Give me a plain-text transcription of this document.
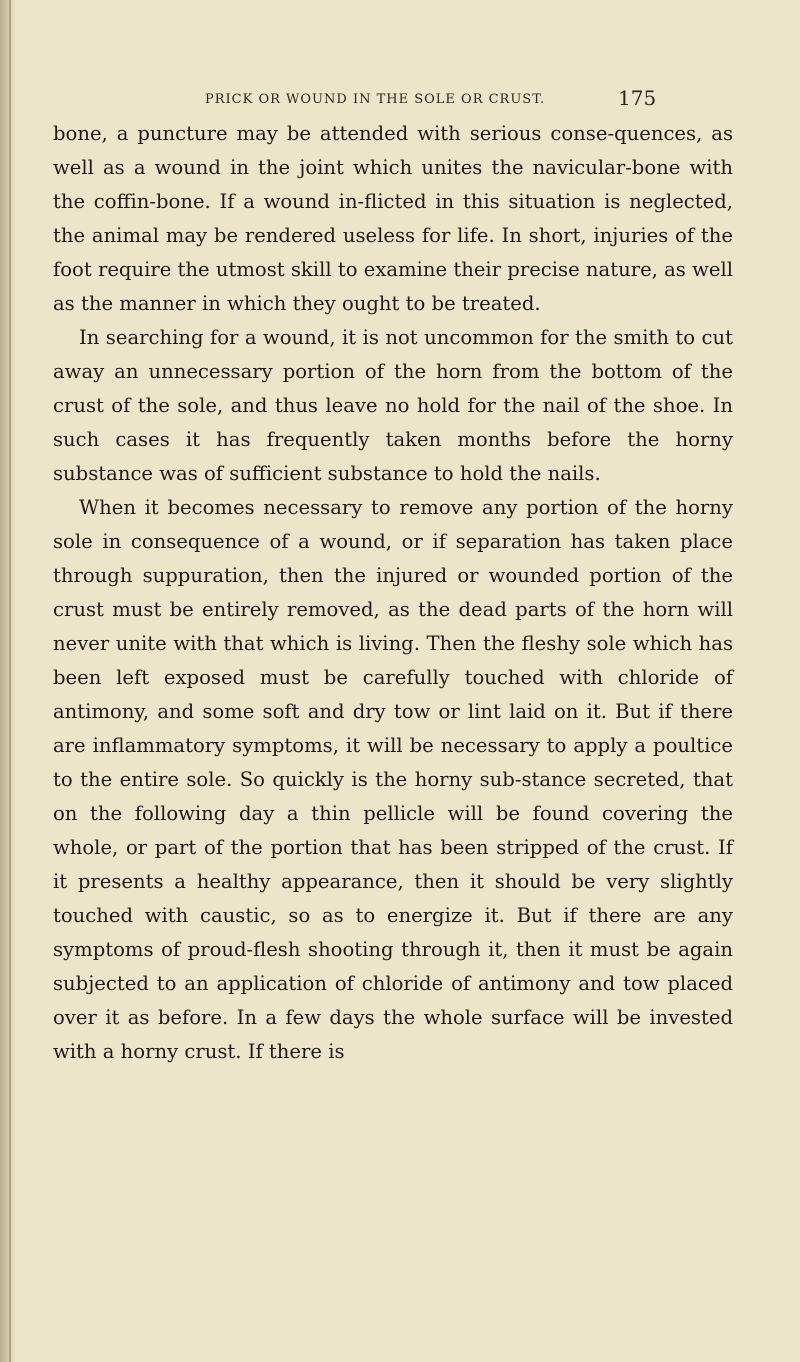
PRICK OR WOUND IN THE SOLE OR CRUST.	175

bone, a puncture may be attended with serious conse-quences, as well as a wound in the joint which unites the navicular-bone with the coffin-bone. If a wound in-flicted in this situation is neglected, the animal may be rendered useless for life. In short, injuries of the foot require the utmost skill to examine their precise nature, as well as the manner in which they ought to be treated.

In searching for a wound, it is not uncommon for the smith to cut away an unnecessary portion of the horn from the bottom of the crust of the sole, and thus leave no hold for the nail of the shoe. In such cases it has frequently taken months before the horny substance was of sufficient substance to hold the nails.

When it becomes necessary to remove any portion of the horny sole in consequence of a wound, or if separation has taken place through suppuration, then the injured or wounded portion of the crust must be entirely removed, as the dead parts of the horn will never unite with that which is living. Then the fleshy sole which has been left exposed must be carefully touched with chloride of antimony, and some soft and dry tow or lint laid on it. But if there are inflammatory symptoms, it will be necessary to apply a poultice to the entire sole. So quickly is the horny sub-stance secreted, that on the following day a thin pellicle will be found covering the whole, or part of the portion that has been stripped of the crust. If it presents a healthy appearance, then it should be very slightly touched with caustic, so as to energize it. But if there are any symptoms of proud-flesh shooting through it, then it must be again subjected to an application of chloride of antimony and tow placed over it as before. In a few days the whole surface will be invested with a horny crust. If there is
